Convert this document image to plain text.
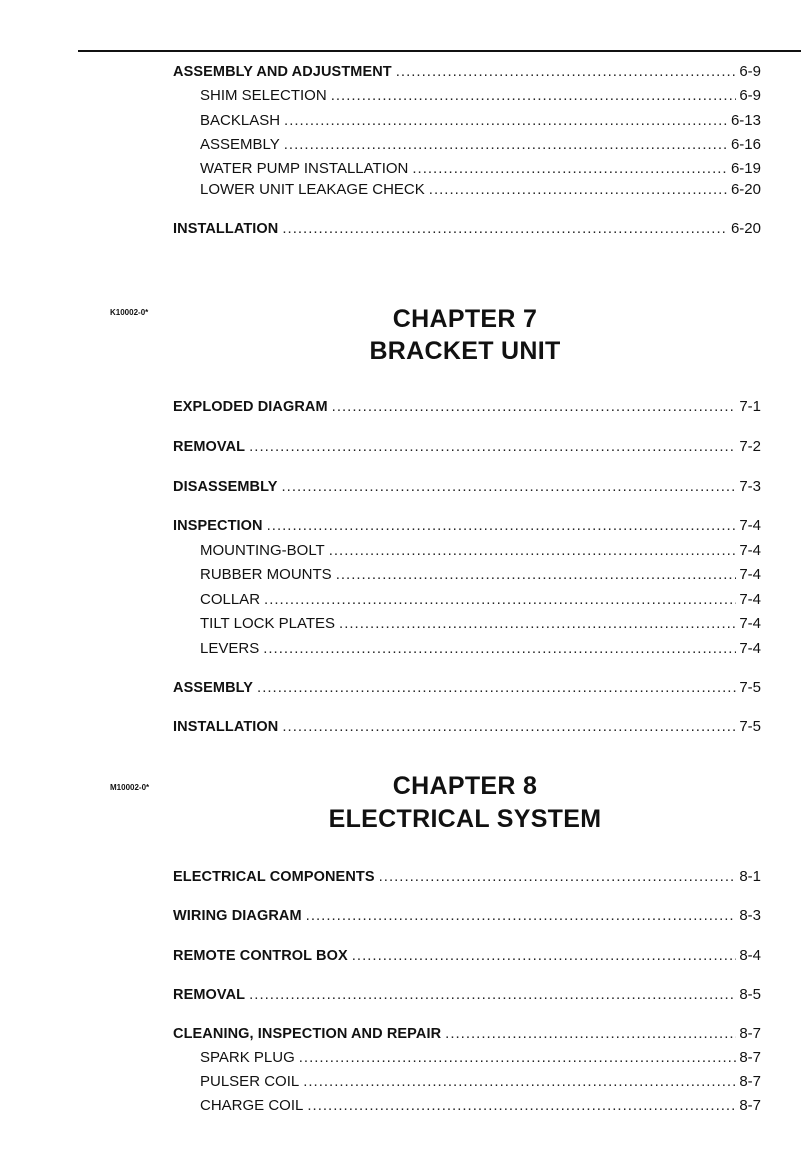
ASSEMBLY AND ADJUSTMENT .....	6-9
SHIM SELECTION .....	6-9
BACKLASH .....	6-13
ASSEMBLY .....	6-16
WATER PUMP INSTALLATION .....	6-19
LOWER UNIT LEAKAGE CHECK .....	6-20
INSTALLATION .....	6-20
K10002-0*	CHAPTER 7
BRACKET UNIT
EXPLODED DIAGRAM .....	7-1
REMOVAL .....	7-2
DISASSEMBLY .....	7-3
INSPECTION .....	7-4
MOUNTING-BOLT .....	7-4
RUBBER MOUNTS .....	7-4
COLLAR .....	7-4
TILT LOCK PLATES .....	7-4
LEVERS .....	7-4
ASSEMBLY .....	7-5
INSTALLATION .....	7-5
M10002-0*	CHAPTER 8
ELECTRICAL SYSTEM
ELECTRICAL COMPONENTS .....	8-1
WIRING DIAGRAM .....	8-3
REMOTE CONTROL BOX .....	8-4
REMOVAL .....	8-5
CLEANING, INSPECTION AND REPAIR .....	8-7
SPARK PLUG .....	8-7
PULSER COIL .....	8-7
CHARGE COIL .....	8-7
